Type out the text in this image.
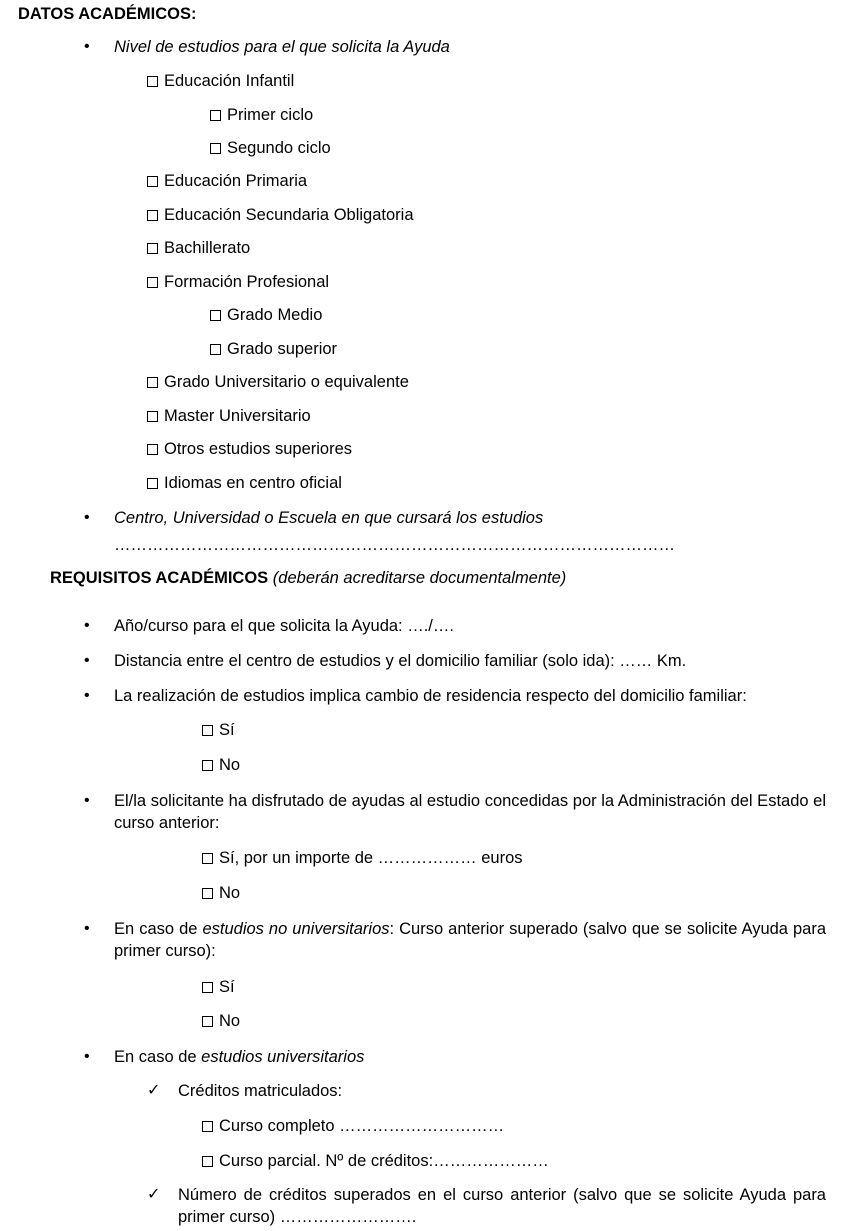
DATOS ACADÉMICOS:
• Nivel de estudios para el que solicita la Ayuda
Educación Infantil
Primer ciclo
Segundo ciclo
Educación Primaria
Educación Secundaria Obligatoria
Bachillerato
Formación Profesional
Grado Medio
Grado superior
Grado Universitario o equivalente
Master Universitario
Otros estudios superiores
Idiomas en centro oficial
• Centro, Universidad o Escuela en que cursará los estudios
…………………………………………………………………………………………
REQUISITOS ACADÉMICOS (deberán acreditarse documentalmente)
• Año/curso para el que solicita la Ayuda: …./….
• Distancia entre el centro de estudios y el domicilio familiar (solo ida): …… Km.
• La realización de estudios implica cambio de residencia respecto del domicilio familiar:
Sí
No
• El/la solicitante ha disfrutado de ayudas al estudio concedidas por la Administración del Estado el curso anterior:
Sí, por un importe de ……………… euros
No
• En caso de estudios no universitarios: Curso anterior superado (salvo que se solicite Ayuda para primer curso):
Sí
No
• En caso de estudios universitarios
✓ Créditos matriculados:
Curso completo …………………………
Curso parcial. Nº de créditos:…………………
✓ Número de créditos superados en el curso anterior (salvo que se solicite Ayuda para primer curso) …………………….
